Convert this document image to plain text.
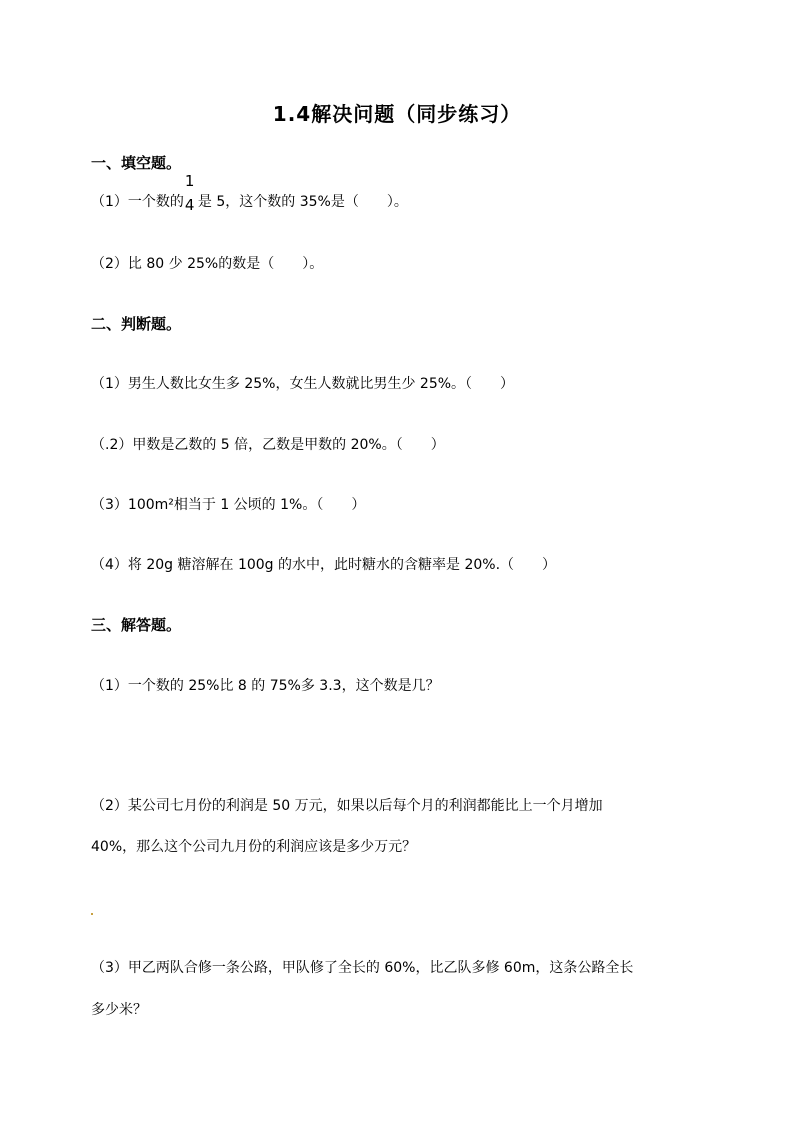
1.4解决问题（同步练习）
一、填空题。
（1）一个数的
1
4 是 5，这个数的 35%是（　　）。
（2）比 80 少 25%的数是（　　）。
二、判断题。
（1）男生人数比女生多 25%，女生人数就比男生少 25%。（　　）
（.2）甲数是乙数的 5 倍，乙数是甲数的 20%。（　　）
（3）100m²相当于 1 公顷的 1%。（　　）
（4）将 20g 糖溶解在 100g 的水中，此时糖水的含糖率是 20%.（　　）
三、解答题。
（1）一个数的 25%比 8 的 75%多 3.3，这个数是几？
（2）某公司七月份的利润是 50 万元，如果以后每个月的利润都能比上一个月增加
40%，那么这个公司九月份的利润应该是多少万元？
（3）甲乙两队合修一条公路，甲队修了全长的 60%，比乙队多修 60m，这条公路全长
多少米？
